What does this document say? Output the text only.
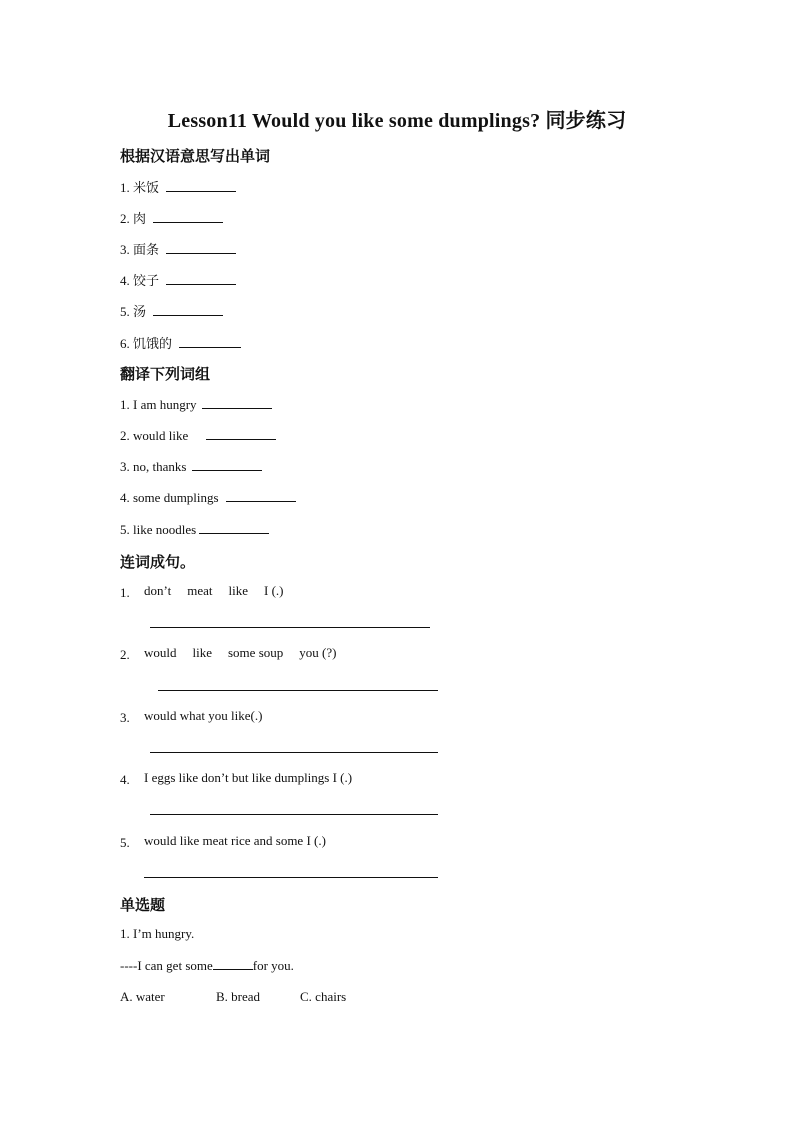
Lesson11 Would you like some dumplings? 同步练习
根据汉语意思写出单词
1. 米饭
2. 肉
3. 面条
4. 饺子
5. 汤
6. 饥饿的
翻译下列词组
1. I am hungry
2. would like
3. no, thanks
4. some dumplings
5. like noodles
连词成句。
1. don’t meat like I (.)
2. would like some soup you (?)
3. would what you like(.)
4. I eggs like don’t but like dumplings I (.)
5. would like meat rice and some I (.)
单选题
1. I’m hungry.
----I can get some	for you.
A. water	B. bread	C. chairs
